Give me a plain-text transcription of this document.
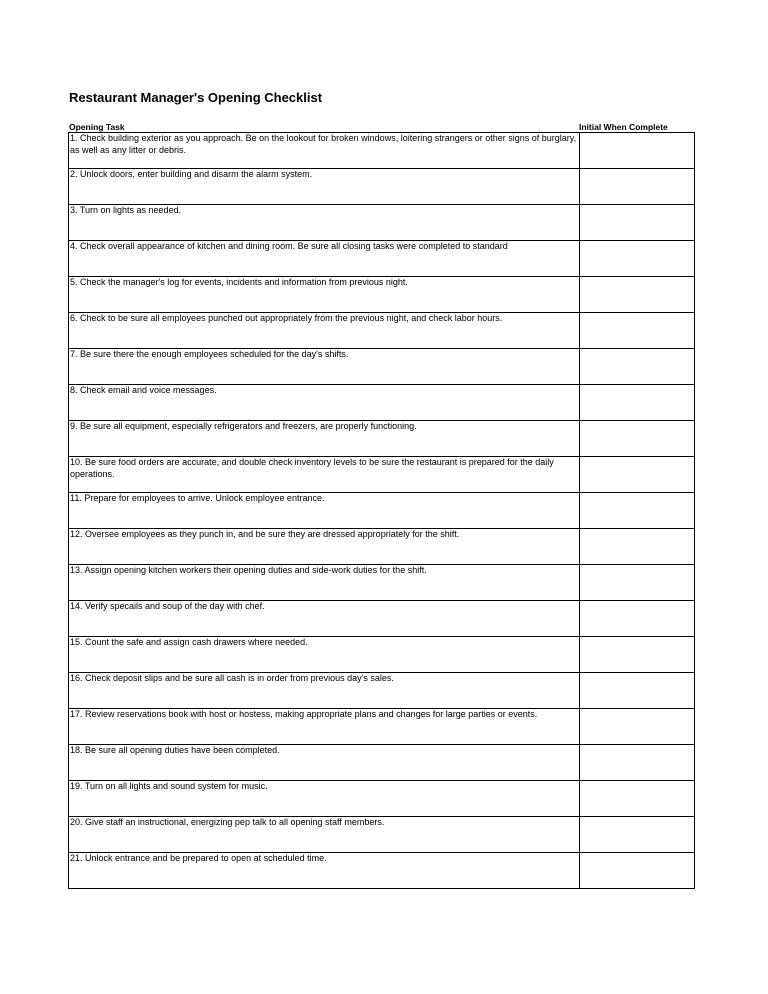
Restaurant Manager's Opening Checklist
Opening Task	Initial When Complete
1. Check building exterior as you approach. Be on the lookout for broken windows, loitering strangers or other signs of burglary, as well as any litter or debris.	
2. Unlock doors, enter building and disarm the alarm system.	
3. Turn on lights as needed.	
4. Check overall appearance of kitchen and dining room. Be sure all closing tasks were completed to standard	
5. Check the manager's log for events, incidents and information from previous night.	
6. Check to be sure all employees punched out appropriately from the previous night, and check labor hours.	
7. Be sure there the enough employees scheduled for the day's shifts.	
8. Check email and voice messages.	
9. Be sure all equipment, especially refrigerators and freezers, are properly functioning.	
10. Be sure food orders are accurate, and double check inventory levels to be sure the restaurant is prepared for the daily operations.	
11. Prepare for employees to arrive. Unlock employee entrance.	
12. Oversee employees as they punch in, and be sure they are dressed appropriately for the shift.	
13. Assign opening kitchen workers their opening duties and side-work duties for the shift.	
14. Verify specails and soup of the day with chef.	
15. Count the safe and assign cash drawers where needed.	
16. Check deposit slips and be sure all cash is in order from previous day's sales.	
17. Review reservations book with host or hostess, making appropriate plans and changes for large parties or events.	
18. Be sure all opening duties have been completed.	
19. Turn on all lights and sound system for music.	
20. Give staff an instructional, energizing pep talk to all opening staff members.	
21. Unlock entrance and be prepared to open at scheduled time.	
